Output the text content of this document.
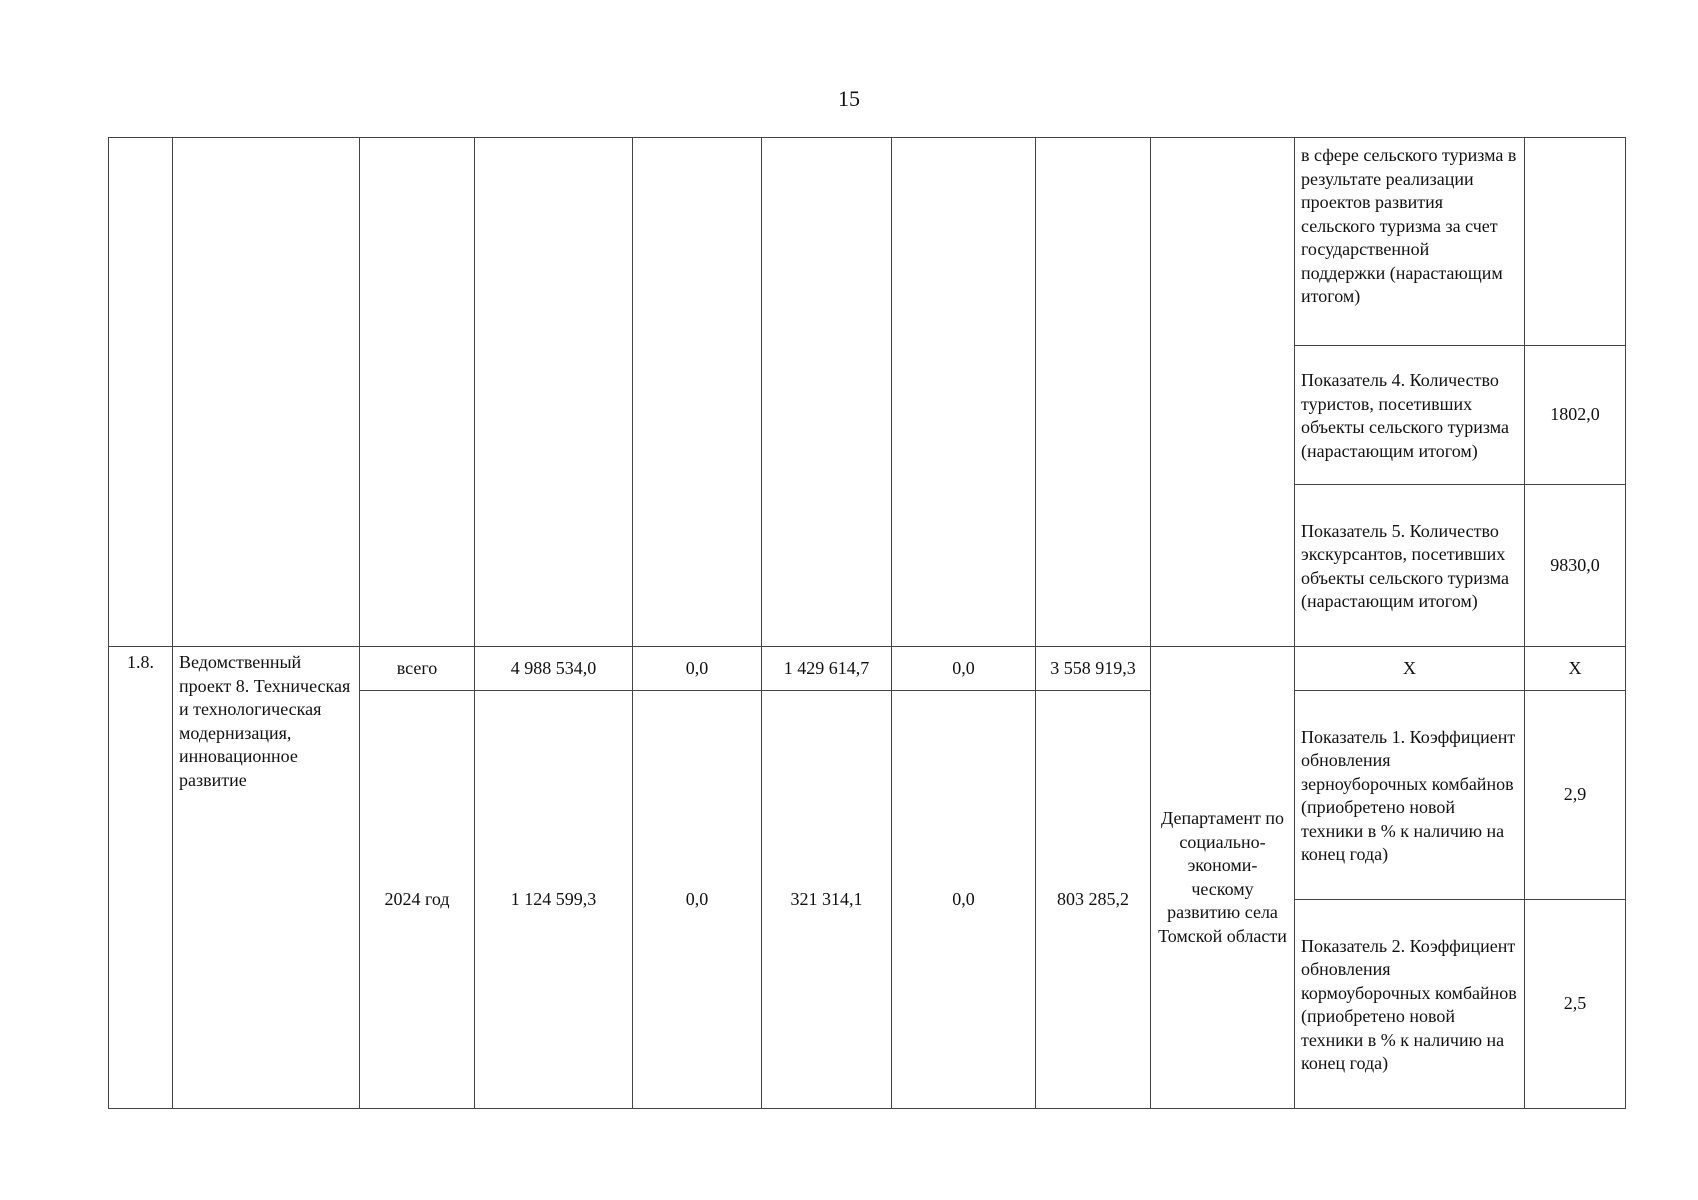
15
									в сфере сельского туризма в результате реализации проектов развития сельского туризма за счет государственной поддержки (нарастающим итогом)	
									Показатель 4. Количество туристов, посетивших объекты сельского туризма (нарастающим итогом)	1802,0
									Показатель 5. Количество экскурсантов, посетивших объекты сельского туризма (нарастающим итогом)	9830,0
1.8.	Ведомственный проект 8. Техническая и технологическая модернизация, инновационное развитие	всего	4 988 534,0	0,0	1 429 614,7	0,0	3 558 919,3	Департамент по социально-экономи-ческому развитию села Томской области	Х	Х
		2024 год	1 124 599,3	0,0	321 314,1	0,0	803 285,2		Показатель 1. Коэффициент обновления зерноуборочных комбайнов (приобретено новой техники в % к наличию на конец года)	2,9
									Показатель 2. Коэффициент обновления кормоуборочных комбайнов (приобретено новой техники в % к наличию на конец года)	2,5
